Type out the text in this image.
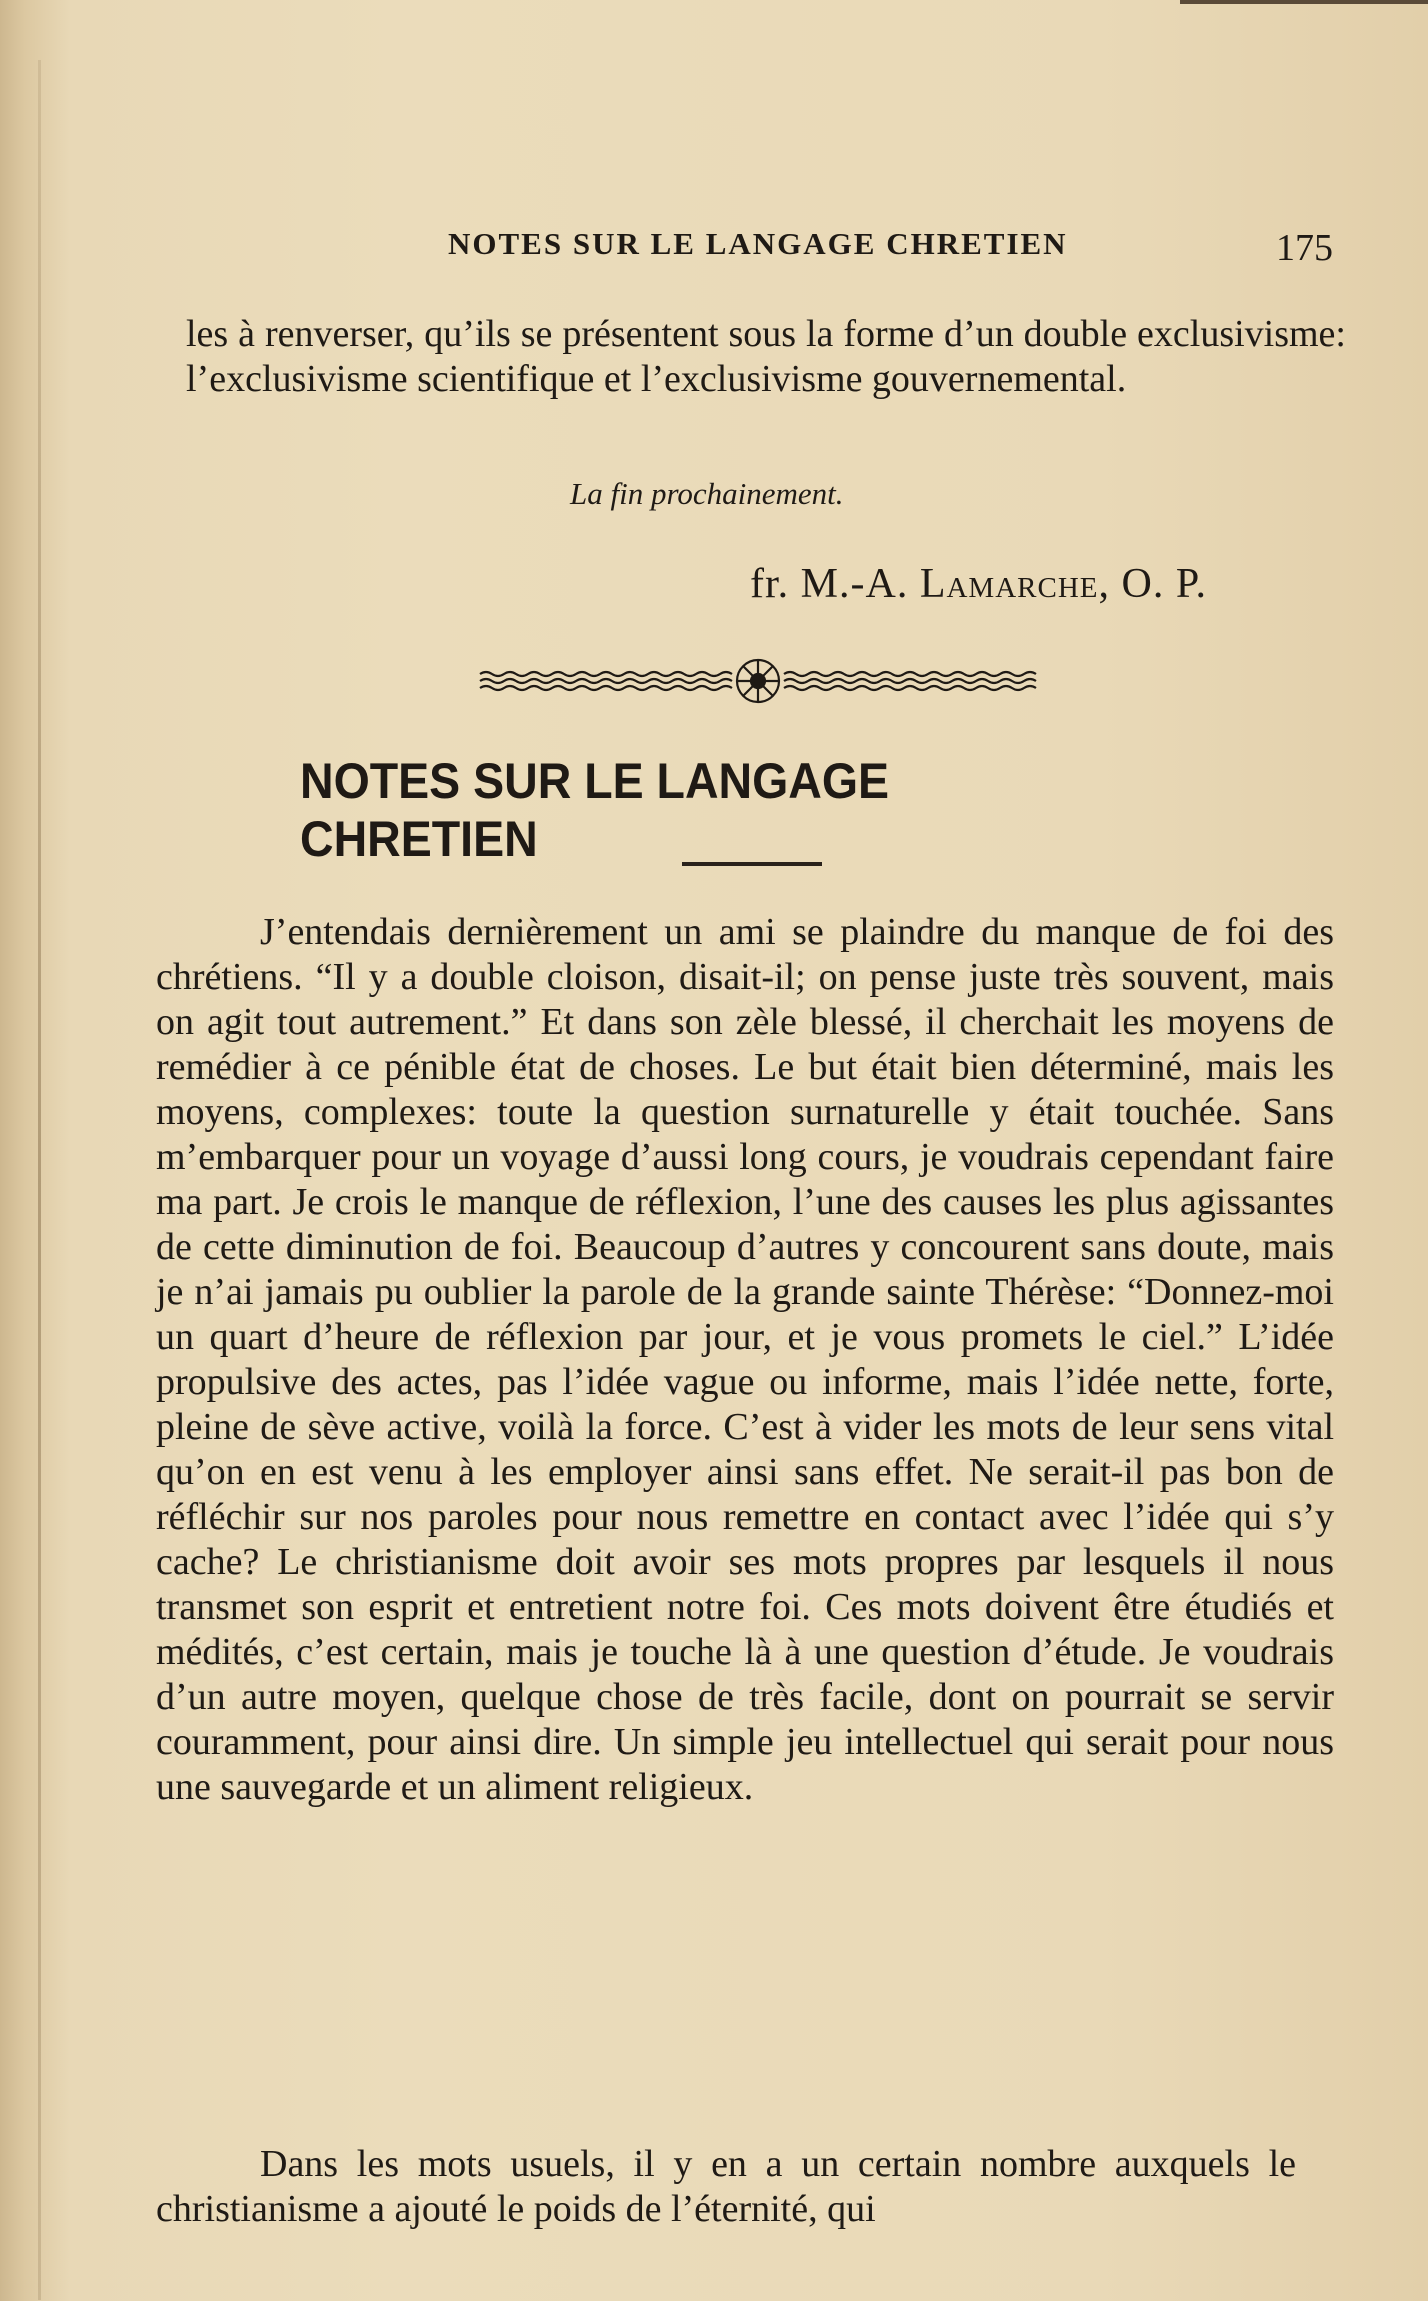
NOTES SUR LE LANGAGE CHRETIEN	175
les à renverser, qu’ils se présentent sous la forme d’un double exclusivisme: l’exclusivisme scientifique et l’exclusivisme gouvernemental.
La fin prochainement.
fr. M.-A. Lamarche, O. P.
NOTES SUR LE LANGAGE CHRETIEN
J’entendais dernièrement un ami se plaindre du manque de foi des chrétiens. “Il y a double cloison, disait-il; on pense juste très souvent, mais on agit tout autrement.” Et dans son zèle blessé, il cherchait les moyens de remédier à ce pénible état de choses. Le but était bien déterminé, mais les moyens, complexes: toute la question surnaturelle y était touchée. Sans m’embarquer pour un voyage d’aussi long cours, je voudrais cependant faire ma part. Je crois le manque de réflexion, l’une des causes les plus agissantes de cette diminution de foi. Beaucoup d’autres y concourent sans doute, mais je n’ai jamais pu oublier la parole de la grande sainte Thérèse: “Donnez-moi un quart d’heure de réflexion par jour, et je vous promets le ciel.” L’idée propulsive des actes, pas l’idée vague ou informe, mais l’idée nette, forte, pleine de sève active, voilà la force. C’est à vider les mots de leur sens vital qu’on en est venu à les employer ainsi sans effet. Ne serait-il pas bon de réfléchir sur nos paroles pour nous remettre en contact avec l’idée qui s’y cache? Le christianisme doit avoir ses mots propres par lesquels il nous transmet son esprit et entretient notre foi. Ces mots doivent être étudiés et médités, c’est certain, mais je touche là à une question d’étude. Je voudrais d’un autre moyen, quelque chose de très facile, dont on pourrait se servir couramment, pour ainsi dire. Un simple jeu intellectuel qui serait pour nous une sauvegarde et un aliment religieux.
Dans les mots usuels, il y en a un certain nombre auxquels le christianisme a ajouté le poids de l’éternité, qui
